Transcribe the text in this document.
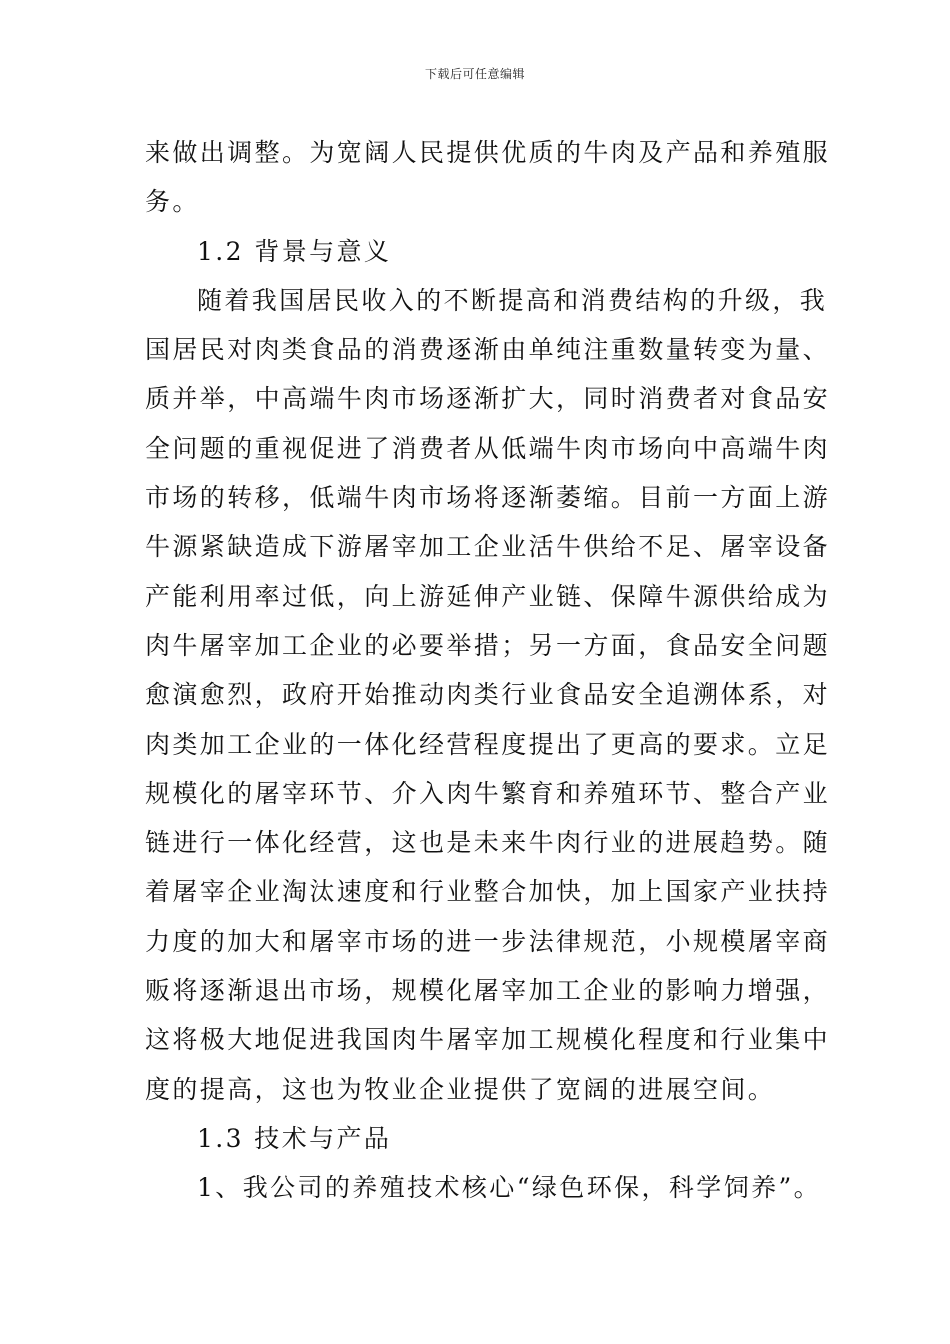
下载后可任意编辑
来做出调整。为宽阔人民提供优质的牛肉及产品和养殖服
务。
1.2 背景与意义
随着我国居民收入的不断提高和消费结构的升级，我
国居民对肉类食品的消费逐渐由单纯注重数量转变为量、
质并举，中高端牛肉市场逐渐扩大，同时消费者对食品安
全问题的重视促进了消费者从低端牛肉市场向中高端牛肉
市场的转移，低端牛肉市场将逐渐萎缩。目前一方面上游
牛源紧缺造成下游屠宰加工企业活牛供给不足、屠宰设备
产能利用率过低，向上游延伸产业链、保障牛源供给成为
肉牛屠宰加工企业的必要举措；另一方面，食品安全问题
愈演愈烈，政府开始推动肉类行业食品安全追溯体系，对
肉类加工企业的一体化经营程度提出了更高的要求。立足
规模化的屠宰环节、介入肉牛繁育和养殖环节、整合产业
链进行一体化经营，这也是未来牛肉行业的进展趋势。随
着屠宰企业淘汰速度和行业整合加快，加上国家产业扶持
力度的加大和屠宰市场的进一步法律规范，小规模屠宰商
贩将逐渐退出市场，规模化屠宰加工企业的影响力增强，
这将极大地促进我国肉牛屠宰加工规模化程度和行业集中
度的提高，这也为牧业企业提供了宽阔的进展空间。
1.3 技术与产品
1、我公司的养殖技术核心“绿色环保，科学饲养”。
